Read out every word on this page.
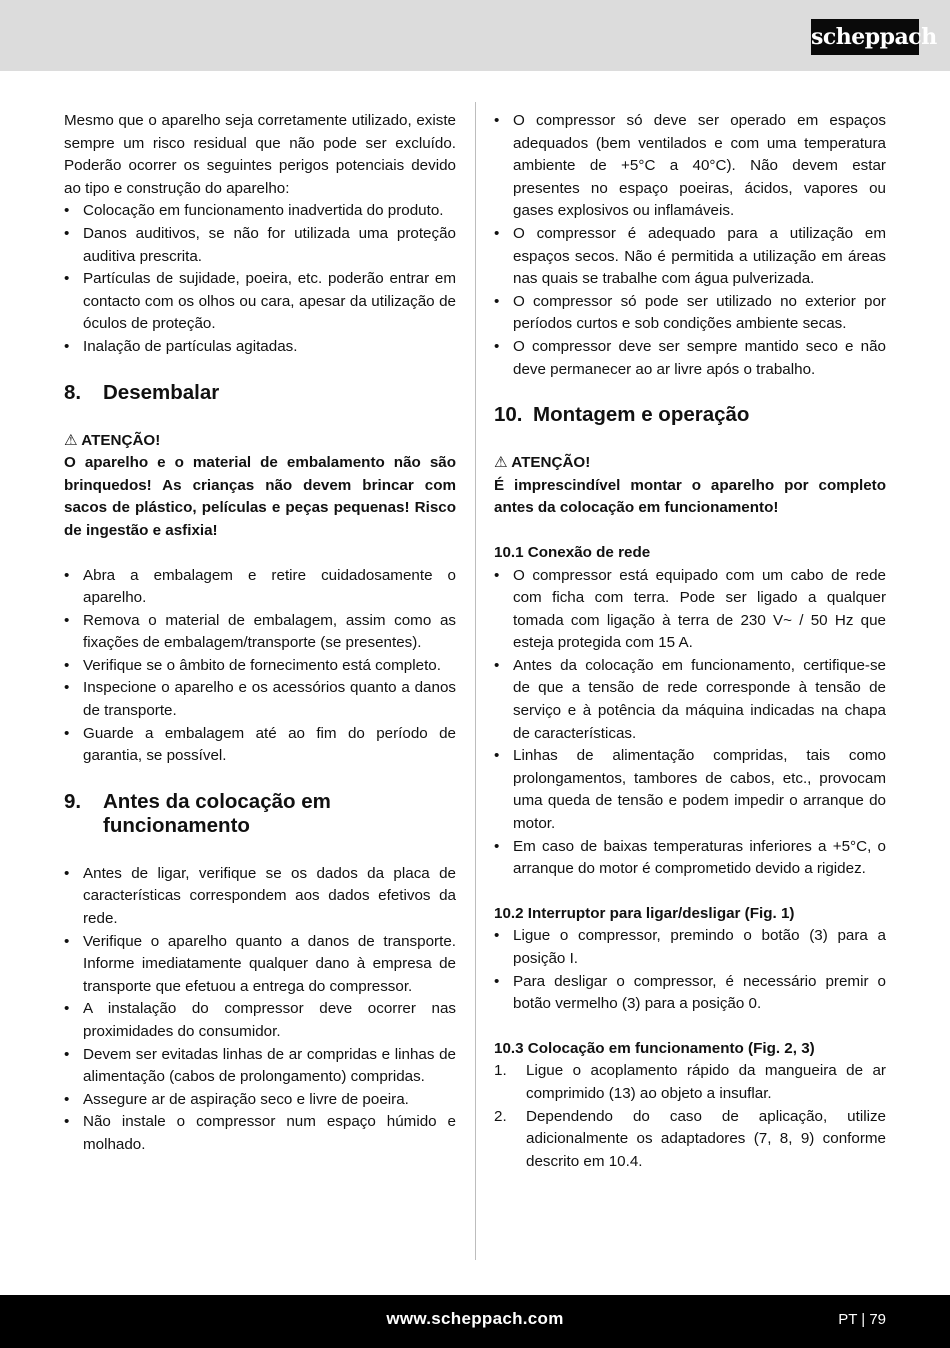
scheppach

Mesmo que o aparelho seja corretamente utilizado, existe sempre um risco residual que não pode ser excluído. Poderão ocorrer os seguintes perigos potenciais devido ao tipo e construção do aparelho:

• Colocação em funcionamento inadvertida do produto.
• Danos auditivos, se não for utilizada uma proteção auditiva prescrita.
• Partículas de sujidade, poeira, etc. poderão entrar em contacto com os olhos ou cara, apesar da utilização de óculos de proteção.
• Inalação de partículas agitadas.
8. Desembalar
⚠ ATENÇÃO!

O aparelho e o material de embalamento não são brinquedos! As crianças não devem brincar com sacos de plástico, películas e peças pequenas! Risco de ingestão e asfixia!

• Abra a embalagem e retire cuidadosamente o aparelho.
• Remova o material de embalagem, assim como as fixações de embalagem/transporte (se presentes).
• Verifique se o âmbito de fornecimento está completo.
• Inspecione o aparelho e os acessórios quanto a danos de transporte.
• Guarde a embalagem até ao fim do período de garantia, se possível.
9. Antes da colocação em funcionamento
• Antes de ligar, verifique se os dados da placa de características correspondem aos dados efetivos da rede.
• Verifique o aparelho quanto a danos de transporte. Informe imediatamente qualquer dano à empresa de transporte que efetuou a entrega do compressor.
• A instalação do compressor deve ocorrer nas proximidades do consumidor.
• Devem ser evitadas linhas de ar compridas e linhas de alimentação (cabos de prolongamento) compridas.
• Assegure ar de aspiração seco e livre de poeira.
• Não instale o compressor num espaço húmido e molhado.
• O compressor só deve ser operado em espaços adequados (bem ventilados e com uma temperatura ambiente de +5°C a 40°C). Não devem estar presentes no espaço poeiras, ácidos, vapores ou gases explosivos ou inflamáveis.
• O compressor é adequado para a utilização em espaços secos. Não é permitida a utilização em áreas nas quais se trabalhe com água pulverizada.
• O compressor só pode ser utilizado no exterior por períodos curtos e sob condições ambiente secas.
• O compressor deve ser sempre mantido seco e não deve permanecer ao ar livre após o trabalho.
10. Montagem e operação
⚠ ATENÇÃO!

É imprescindível montar o aparelho por completo antes da colocação em funcionamento!

10.1 Conexão de rede
• O compressor está equipado com um cabo de rede com ficha com terra. Pode ser ligado a qualquer tomada com ligação à terra de 230 V~ / 50 Hz que esteja protegida com 15 A.
• Antes da colocação em funcionamento, certifique-se de que a tensão de rede corresponde à tensão de serviço e à potência da máquina indicadas na chapa de características.
• Linhas de alimentação compridas, tais como prolongamentos, tambores de cabos, etc., provocam uma queda de tensão e podem impedir o arranque do motor.
• Em caso de baixas temperaturas inferiores a +5°C, o arranque do motor é comprometido devido a rigidez.
10.2 Interruptor para ligar/desligar (Fig. 1)
• Ligue o compressor, premindo o botão (3) para a posição I.
• Para desligar o compressor, é necessário premir o botão vermelho (3) para a posição 0.
10.3 Colocação em funcionamento (Fig. 2, 3)
1. Ligue o acoplamento rápido da mangueira de ar comprimido (13) ao objeto a insuflar.
2. Dependendo do caso de aplicação, utilize adicionalmente os adaptadores (7, 8, 9) conforme descrito em 10.4.
www.scheppach.com	PT | 79
